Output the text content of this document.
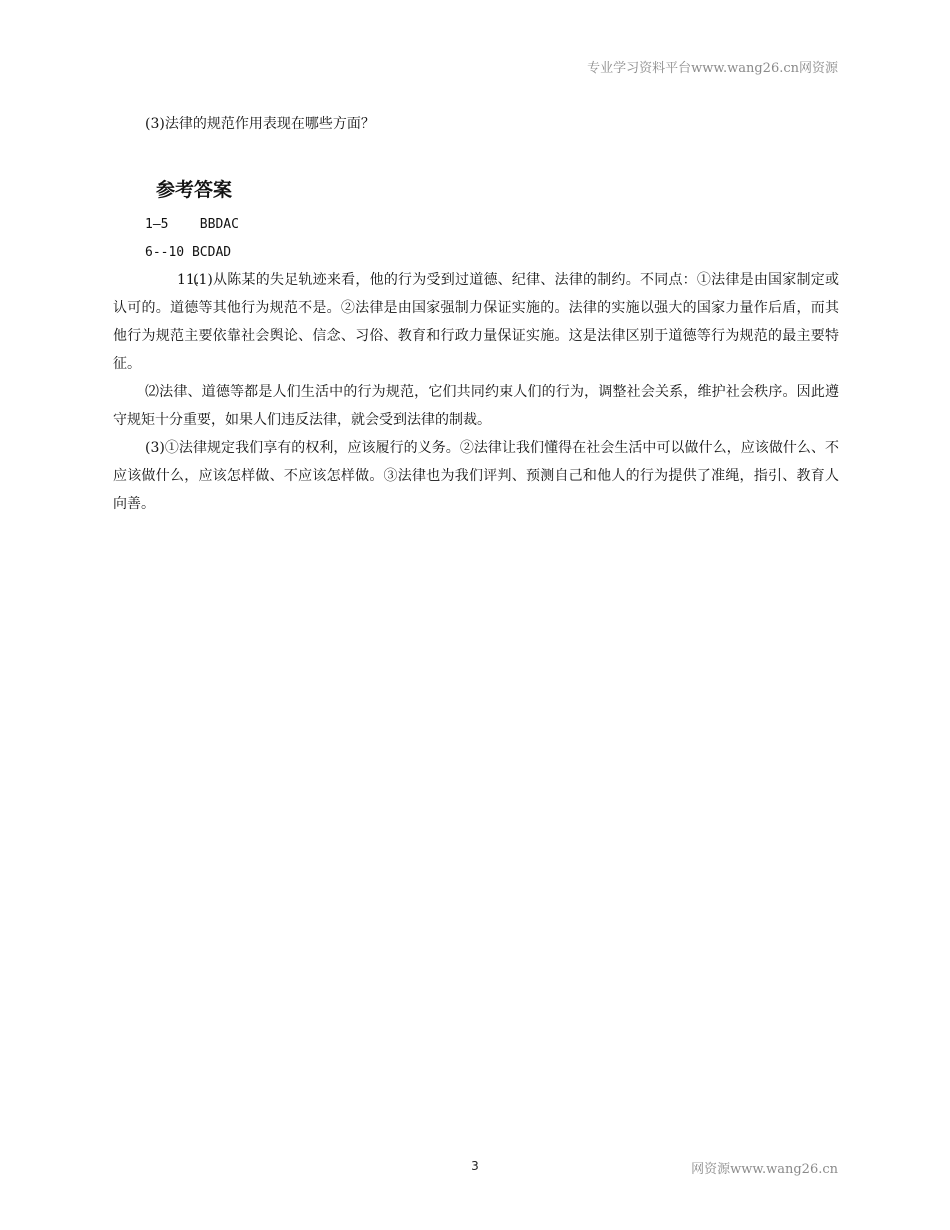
专业学习资料平台www.wang26.cn网资源
(3)法律的规范作用表现在哪些方面？
参考答案
1—5    BBDAC
6--10 BCDAD

11.(1)从陈某的失足轨迹来看，他的行为受到过道德、纪律、法律的制约。不同点：①法律是由国家制定或认可的。道德等其他行为规范不是。②法律是由国家强制力保证实施的。法律的实施以强大的国家力量作后盾，而其他行为规范主要依靠社会舆论、信念、习俗、教育和行政力量保证实施。这是法律区别于道德等行为规范的最主要特征。

⑵法律、道德等都是人们生活中的行为规范，它们共同约束人们的行为，调整社会关系，维护社会秩序。因此遵守规矩十分重要，如果人们违反法律，就会受到法律的制裁。

(3)①法律规定我们享有的权利，应该履行的义务。②法律让我们懂得在社会生活中可以做什么，应该做什么、不应该做什么，应该怎样做、不应该怎样做。③法律也为我们评判、预测自己和他人的行为提供了准绳，指引、教育人向善。

3	网资源www.wang26.cn
